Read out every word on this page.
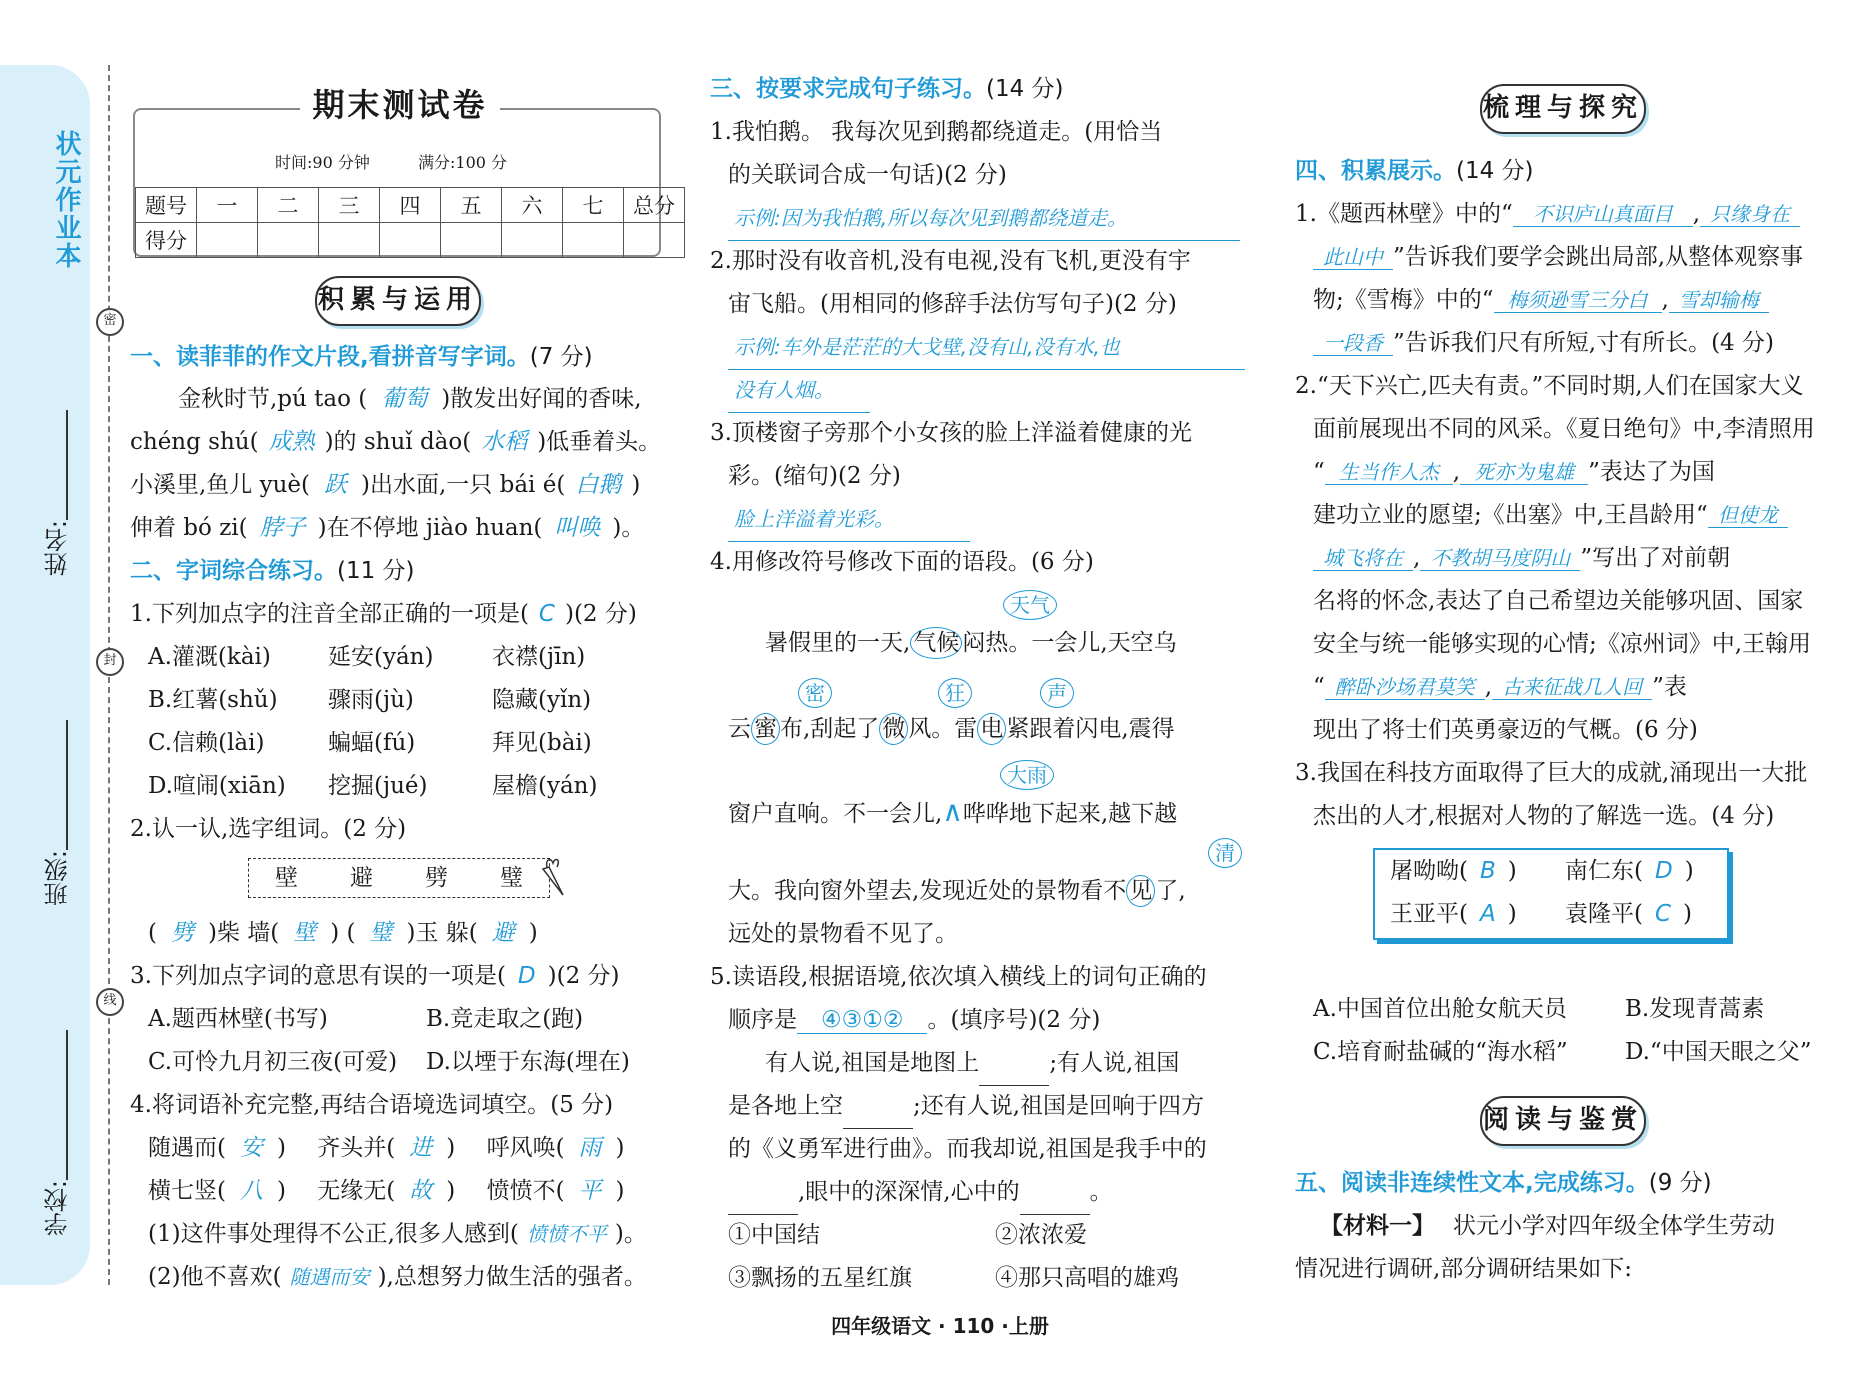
状元作业本
密
封
线
姓名:
班级:
学校:
期末测试卷
时间:90 分钟	满分:100 分
题号	一	二	三	四	五	六	七	总分
得分								
积累与运用
梳理与探究
阅读与鉴赏
一、读菲菲的作文片段,看拼音写字词。(7 分)
金秋时节,pú tao ( 葡萄 )散发出好闻的香味,
chéng shú( 成熟 )的 shuǐ dào( 水稻 )低垂着头。
小溪里,鱼儿 yuè( 跃 )出水面,一只 bái é( 白鹅 )
伸着 bó zi( 脖子 )在不停地 jiào huan( 叫唤 )。
二、字词综合练习。(11 分)
1.下列加点字的注音全部正确的一项是( C )(2 分)
A.灌溉(kài) 延安(yán)	衣襟(jīn)
B.红薯(shǔ) 骤雨(jù)	隐藏(yǐn)
C.信赖(lài)	蝙蝠(fú)	拜见(bài)
D.喧闹(xiān) 挖掘(jué)	屋檐(yán)
2.认一认,选字组词。(2 分)
壁 避 劈 璧
( 劈 )柴 墙( 壁 ) ( 璧 )玉 躲( 避 )
3.下列加点字词的意思有误的一项是( D )(2 分)
A.题西林壁(书写)	B.竞走取之(跑)
C.可怜九月初三夜(可爱) D.以堙于东海(埋在)
4.将词语补充完整,再结合语境选词填空。(5 分)
随遇而( 安 ) 齐头并( 进 ) 呼风唤( 雨 )
横七竖( 八 ) 无缘无( 故 ) 愤愤不( 平 )
(1)这件事处理得不公正,很多人感到( 愤愤不平 )。
(2)他不喜欢( 随遇而安 ),总想努力做生活的强者。
三、按要求完成句子练习。(14 分)
1.我怕鹅。 我每次见到鹅都绕道走。(用恰当
的关联词合成一句话)(2 分)
示例:因为我怕鹅,所以每次见到鹅都绕道走。
2.那时没有收音机,没有电视,没有飞机,更没有宇
宙飞船。(用相同的修辞手法仿写句子)(2 分)
示例:车外是茫茫的大戈壁,没有山,没有水,也
没有人烟。
3.顶楼窗子旁那个小女孩的脸上洋溢着健康的光
彩。(缩句)(2 分)
脸上洋溢着光彩。
4.用修改符号修改下面的语段。(6 分)
天气
暑假里的一天, 气候 闷热。一会儿,天空乌
密	狂	声
云 蜜 布,刮起了 微 风。雷 电 紧跟着闪电,震得
大雨
窗户直响。不一会儿,∧哗哗地下起来,越下越
清
大。我向窗外望去,发现近处的景物看不 见 了,
远处的景物看不见了。
5.读语段,根据语境,依次填入横线上的词句正确的
顺序是 ④③①② 。(填序号)(2 分)
有人说,祖国是地图上	;有人说,祖国
是各地上空	;还有人说,祖国是回响于四方
的《义勇军进行曲》。而我却说,祖国是我手中的
,眼中的深深情,心中的	。
①中国结	②浓浓爱
③飘扬的五星红旗	④那只高唱的雄鸡
四、积累展示。(14 分)
1.《题西林壁》中的“ 不识庐山真面目 , 只缘身在
此山中 ”告诉我们要学会跳出局部,从整体观察事
物;《雪梅》中的“ 梅须逊雪三分白 , 雪却输梅
一段香 ”告诉我们尺有所短,寸有所长。(4 分)
2.“天下兴亡,匹夫有责。”不同时期,人们在国家大义
面前展现出不同的风采。《夏日绝句》中,李清照用
“ 生当作人杰 , 死亦为鬼雄 ”表达了为国
建功立业的愿望;《出塞》中,王昌龄用“ 但使龙
城飞将在 , 不教胡马度阴山 ”写出了对前朝
名将的怀念,表达了自己希望边关能够巩固、国家
安全与统一能够实现的心情;《凉州词》中,王翰用
“ 醉卧沙场君莫笑 , 古来征战几人回 ”表
现出了将士们英勇豪迈的气概。(6 分)
3.我国在科技方面取得了巨大的成就,涌现出一大批
杰出的人才,根据对人物的了解选一选。(4 分)
屠呦呦( B ) 南仁东( D )
王亚平( A ) 袁隆平( C )
A.中国首位出舱女航天员	B.发现青蒿素
C.培育耐盐碱的“海水稻” D.“中国天眼之父”
五、阅读非连续性文本,完成练习。(9 分)
【材料一】 状元小学对四年级全体学生劳动
情况进行调研,部分调研结果如下:
四年级语文 · 110 ·上册
